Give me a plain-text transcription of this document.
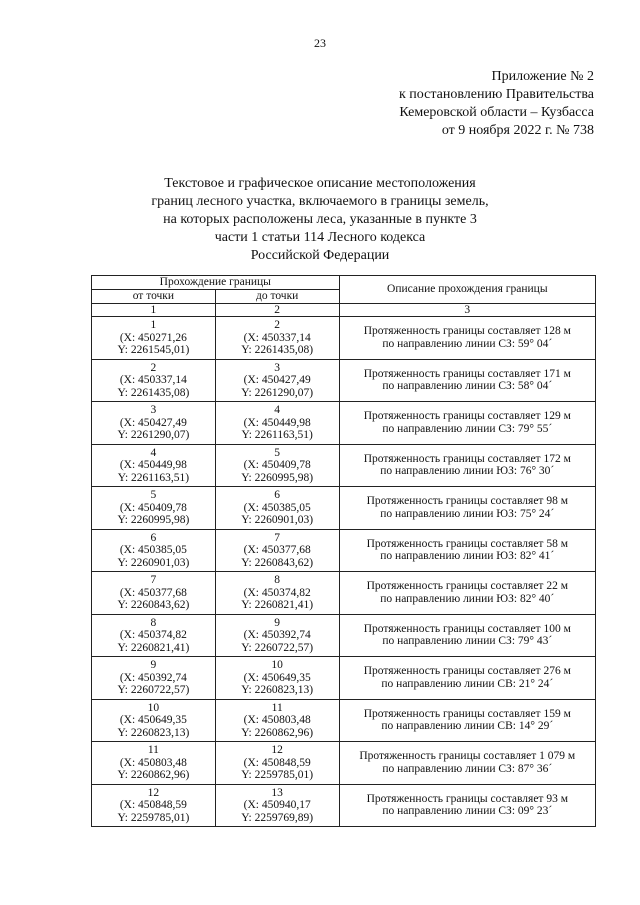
23
Приложение № 2
к постановлению Правительства
Кемеровской области – Кузбасса
от 9 ноября 2022 г. № 738
Текстовое и графическое описание местоположения
границ лесного участка, включаемого в границы земель,
на которых расположены леса, указанные в пункте 3
части 1 статьи 114 Лесного кодекса
Российской Федерации
Прохождение границы		Описание прохождения границы
от точки	до точки	
1	2	3

1
(X: 450271,26
Y: 2261545,01)	2
(X: 450337,14
Y: 2261435,08)	Протяженность границы составляет 128 м
по направлению линии СЗ: 59° 04´

2
(X: 450337,14
Y: 2261435,08)	3
(X: 450427,49
Y: 2261290,07)	Протяженность границы составляет 171 м
по направлению линии СЗ: 58° 04´

3
(X: 450427,49
Y: 2261290,07)	4
(X: 450449,98
Y: 2261163,51)	Протяженность границы составляет 129 м
по направлению линии СЗ: 79° 55´

4
(X: 450449,98
Y: 2261163,51)	5
(X: 450409,78
Y: 2260995,98)	Протяженность границы составляет 172 м
по направлению линии ЮЗ: 76° 30´

5
(X: 450409,78
Y: 2260995,98)	6
(X: 450385,05
Y: 2260901,03)	Протяженность границы составляет 98 м
по направлению линии ЮЗ: 75° 24´

6
(X: 450385,05
Y: 2260901,03)	7
(X: 450377,68
Y: 2260843,62)	Протяженность границы составляет 58 м
по направлению линии ЮЗ: 82° 41´

7
(X: 450377,68
Y: 2260843,62)	8
(X: 450374,82
Y: 2260821,41)	Протяженность границы составляет 22 м
по направлению линии ЮЗ: 82° 40´

8
(X: 450374,82
Y: 2260821,41)	9
(X: 450392,74
Y: 2260722,57)	Протяженность границы составляет 100 м
по направлению линии СЗ: 79° 43´

9
(X: 450392,74
Y: 2260722,57)	10
(X: 450649,35
Y: 2260823,13)	Протяженность границы составляет 276 м
по направлению линии СВ: 21° 24´

10
(X: 450649,35
Y: 2260823,13)	11
(X: 450803,48
Y: 2260862,96)	Протяженность границы составляет 159 м
по направлению линии СВ: 14° 29´

11
(X: 450803,48
Y: 2260862,96)	12
(X: 450848,59
Y: 2259785,01)	Протяженность границы составляет 1 079 м
по направлению линии СЗ: 87° 36´

12
(X: 450848,59
Y: 2259785,01)	13
(X: 450940,17
Y: 2259769,89)	Протяженность границы составляет 93 м
по направлению линии СЗ: 09° 23´
